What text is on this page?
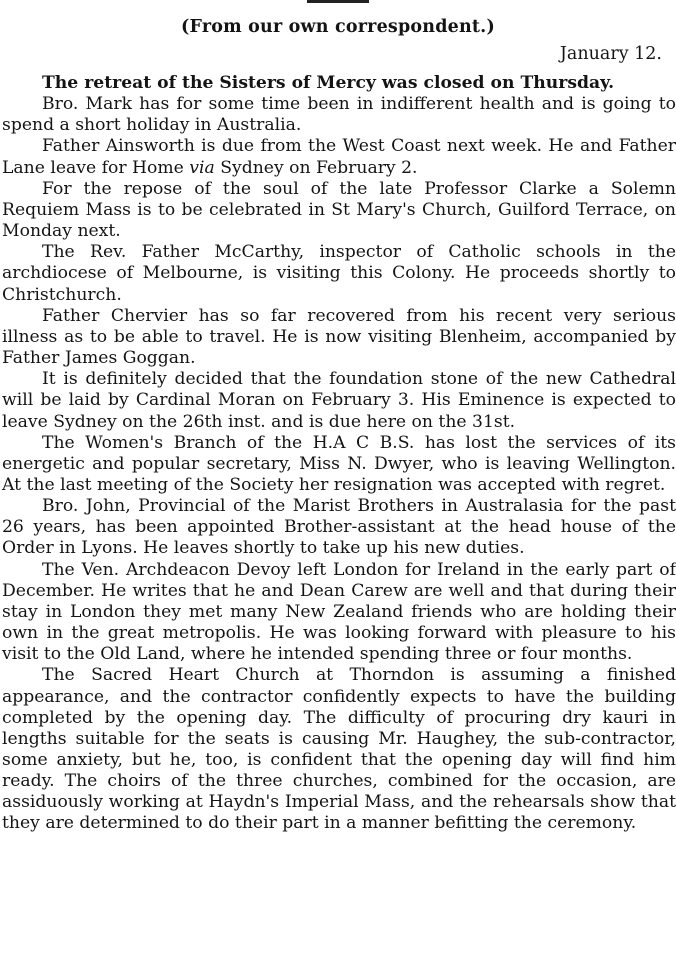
(From our own correspondent.)
January 12.

The retreat of the Sisters of Mercy was closed on Thursday.

Bro. Mark has for some time been in indifferent health and is going to spend a short holiday in Australia.

Father Ainsworth is due from the West Coast next week. He and Father Lane leave for Home via Sydney on February 2.

For the repose of the soul of the late Professor Clarke a Solemn Requiem Mass is to be celebrated in St Mary's Church, Guilford Terrace, on Monday next.

The Rev. Father McCarthy, inspector of Catholic schools in the archdiocese of Melbourne, is visiting this Colony. He proceeds shortly to Christchurch.

Father Chervier has so far recovered from his recent very serious illness as to be able to travel. He is now visiting Blenheim, accompanied by Father James Goggan.

It is definitely decided that the foundation stone of the new Cathedral will be laid by Cardinal Moran on February 3. His Eminence is expected to leave Sydney on the 26th inst. and is due here on the 31st.

The Women's Branch of the H.A C B.S. has lost the services of its energetic and popular secretary, Miss N. Dwyer, who is leaving Wellington. At the last meeting of the Society her resignation was accepted with regret.

Bro. John, Provincial of the Marist Brothers in Australasia for the past 26 years, has been appointed Brother-assistant at the head house of the Order in Lyons. He leaves shortly to take up his new duties.

The Ven. Archdeacon Devoy left London for Ireland in the early part of December. He writes that he and Dean Carew are well and that during their stay in London they met many New Zealand friends who are holding their own in the great metropolis. He was looking forward with pleasure to his visit to the Old Land, where he intended spending three or four months.

The Sacred Heart Church at Thorndon is assuming a finished appearance, and the contractor confidently expects to have the building completed by the opening day. The difficulty of procuring dry kauri in lengths suitable for the seats is causing Mr. Haughey, the sub-contractor, some anxiety, but he, too, is confident that the opening day will find him ready. The choirs of the three churches, combined for the occasion, are assiduously working at Haydn's Imperial Mass, and the rehearsals show that they are determined to do their part in a manner befitting the ceremony.
